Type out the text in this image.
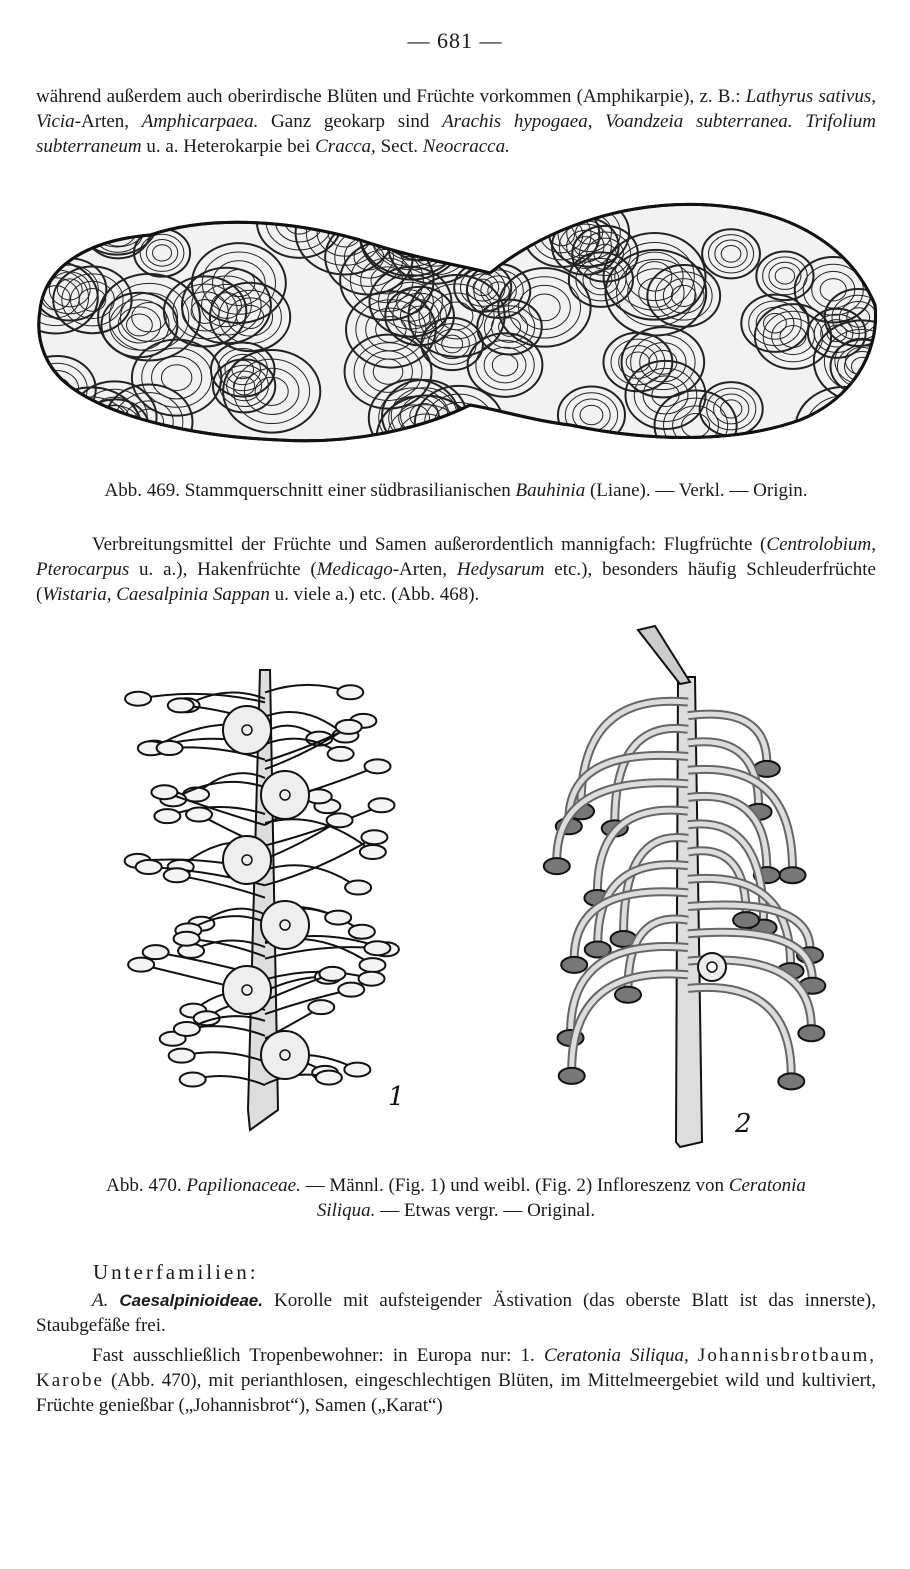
— 681 —

während außerdem auch oberirdische Blüten und Früchte vorkommen (Amphikarpie), z. B.: Lathyrus sativus, Vicia-Arten, Amphicarpaea. Ganz geokarp sind Arachis hypogaea, Voandzeia subterranea. Trifolium subterraneum u. a. Heterokarpie bei Cracca, Sect. Neocracca.

Abb. 469. Stammquerschnitt einer südbrasilianischen Bauhinia (Liane). — Verkl. — Origin.

Verbreitungsmittel der Früchte und Samen außerordentlich mannigfach: Flugfrüchte (Centrolobium, Pterocarpus u. a.), Hakenfrüchte (Medicago-Arten, Hedysarum etc.), besonders häufig Schleuderfrüchte (Wistaria, Caesalpinia Sappan u. viele a.) etc. (Abb. 468).

1
2
Abb. 470. Papilionaceae. — Männl. (Fig. 1) und weibl. (Fig. 2) Infloreszenz von Ceratonia
Siliqua. — Etwas vergr. — Original.
Unterfamilien:

A. Caesalpinioideae. Korolle mit aufsteigender Ästivation (das oberste Blatt ist das innerste), Staubgefäße frei.

Fast ausschließlich Tropenbewohner: in Europa nur: 1. Ceratonia Siliqua, Johannisbrotbaum, Karobe (Abb. 470), mit perianthlosen, eingeschlechtigen Blüten, im Mittelmeergebiet wild und kultiviert, Früchte genießbar („Johannisbrot“), Samen („Karat“)
